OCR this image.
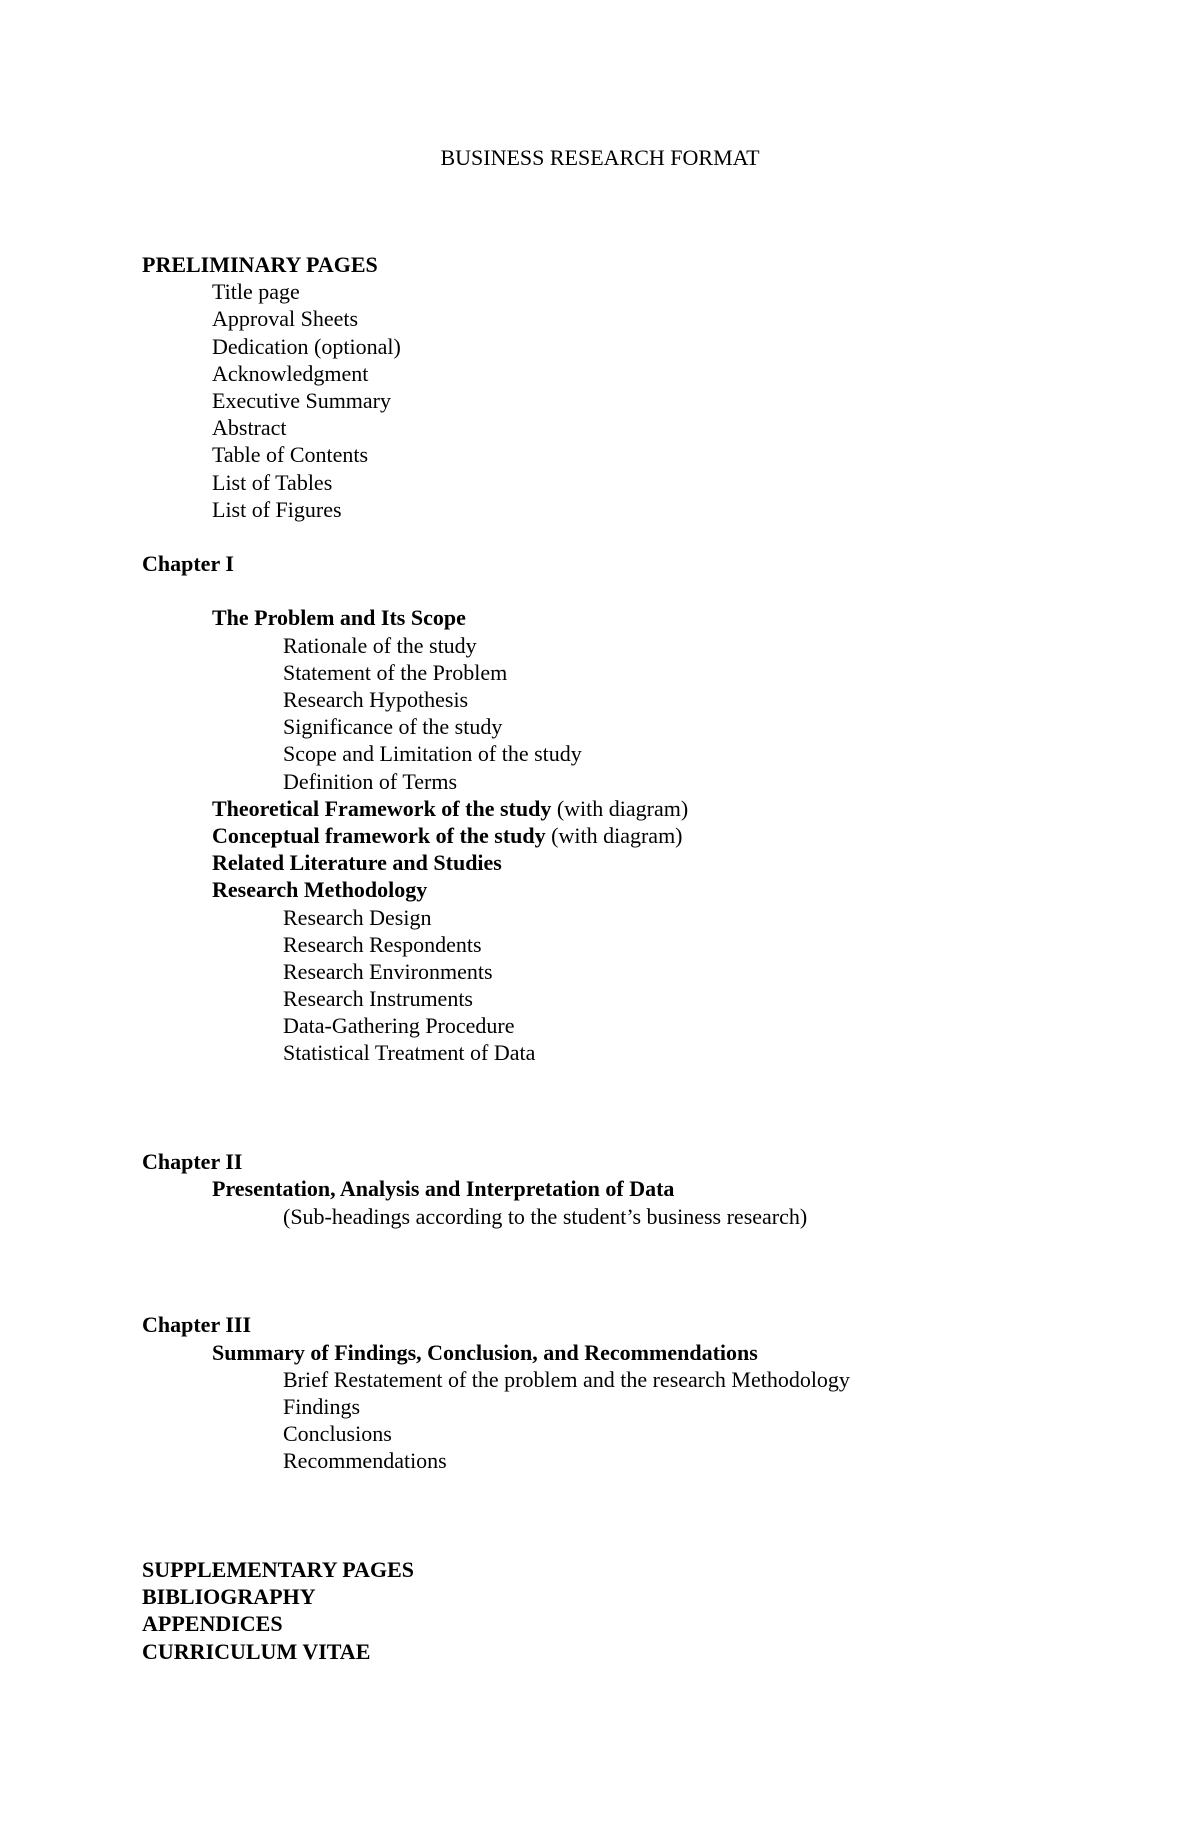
BUSINESS RESEARCH FORMAT
PRELIMINARY PAGES
Title page
Approval Sheets
Dedication (optional)
Acknowledgment
Executive Summary
Abstract
Table of Contents
List of Tables
List of Figures
Chapter I
The Problem and Its Scope
Rationale of the study
Statement of the Problem
Research Hypothesis
Significance of the study
Scope and Limitation of the study
Definition of Terms
Theoretical Framework of the study (with diagram)
Conceptual framework of the study (with diagram)
Related Literature and Studies
Research Methodology
Research Design
Research Respondents
Research Environments
Research Instruments
Data-Gathering Procedure
Statistical Treatment of Data
Chapter II
Presentation, Analysis and Interpretation of Data
(Sub-headings according to the student’s business research)
Chapter III
Summary of Findings, Conclusion, and Recommendations
Brief Restatement of the problem and the research Methodology
Findings
Conclusions
Recommendations
SUPPLEMENTARY PAGES
BIBLIOGRAPHY
APPENDICES
CURRICULUM VITAE
